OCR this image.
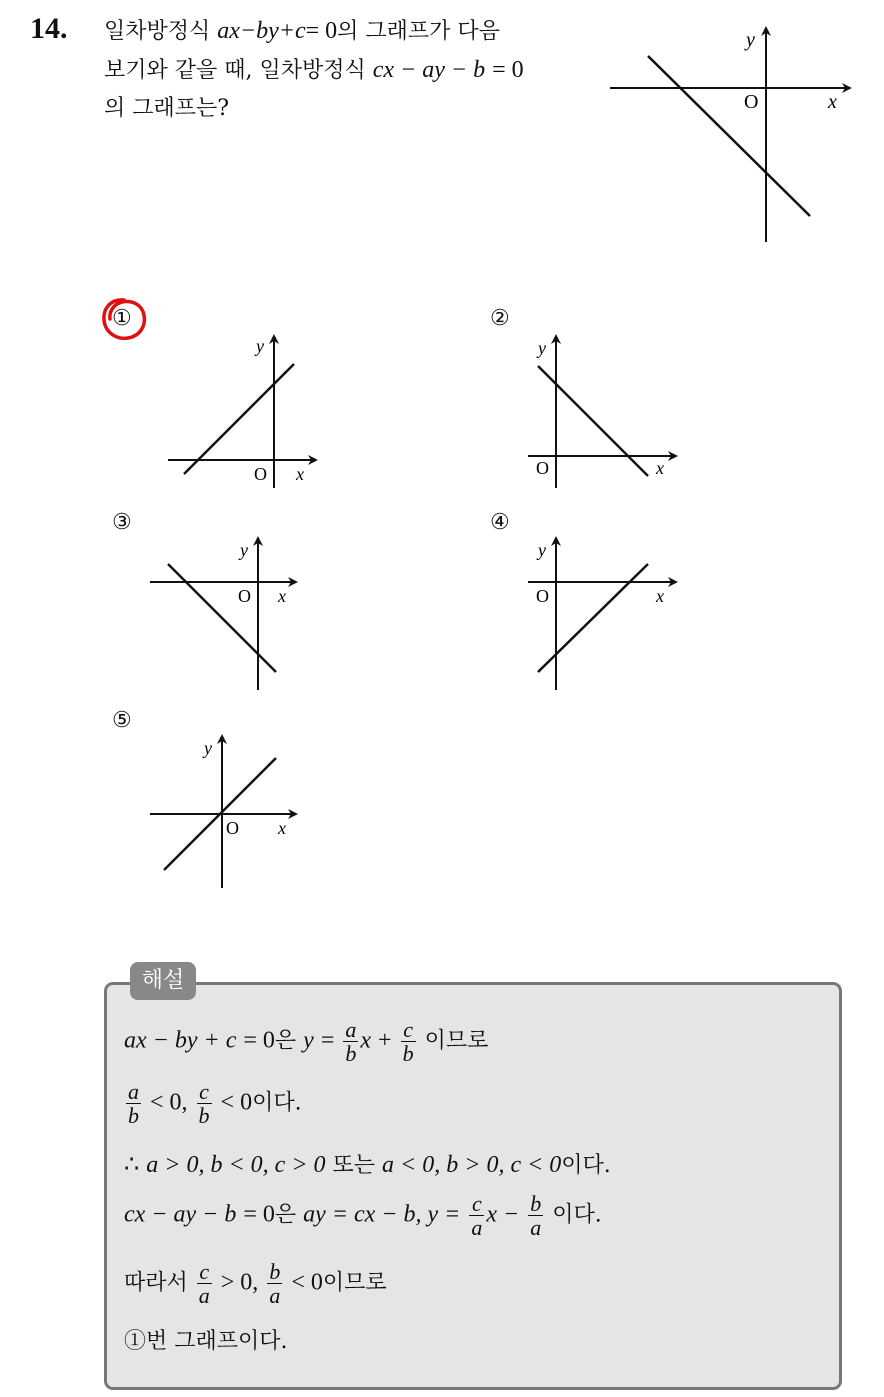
14. 일차방정식 ax−by+c= 0의 그래프가 다음
보기와 같을 때, 일차방정식 cx − ay − b = 0
의 그래프는?	O	x
y
①
O x
y
②
O	x
y
③
O x
y
④
O	x
y
⑤
O x
y
해설
ax − by + c = 0은 $y = \frac{a}{b}$ $x + \frac{c}{b}$ 이므로
$\frac{a}{b} < 0$, $\frac{c}{b} < 0$이다.
∴ a > 0, b < 0, c > 0 또는 a < 0, b > 0, c < 0이다.
cx − ay − b = 0은 ay = cx − b, $y = \frac{c}{a}$ $x - \frac{b}{a}$ 이다.
따라서 $\frac{c}{a} > 0$, $\frac{b}{a} < 0$이므로
①번 그래프이다.
